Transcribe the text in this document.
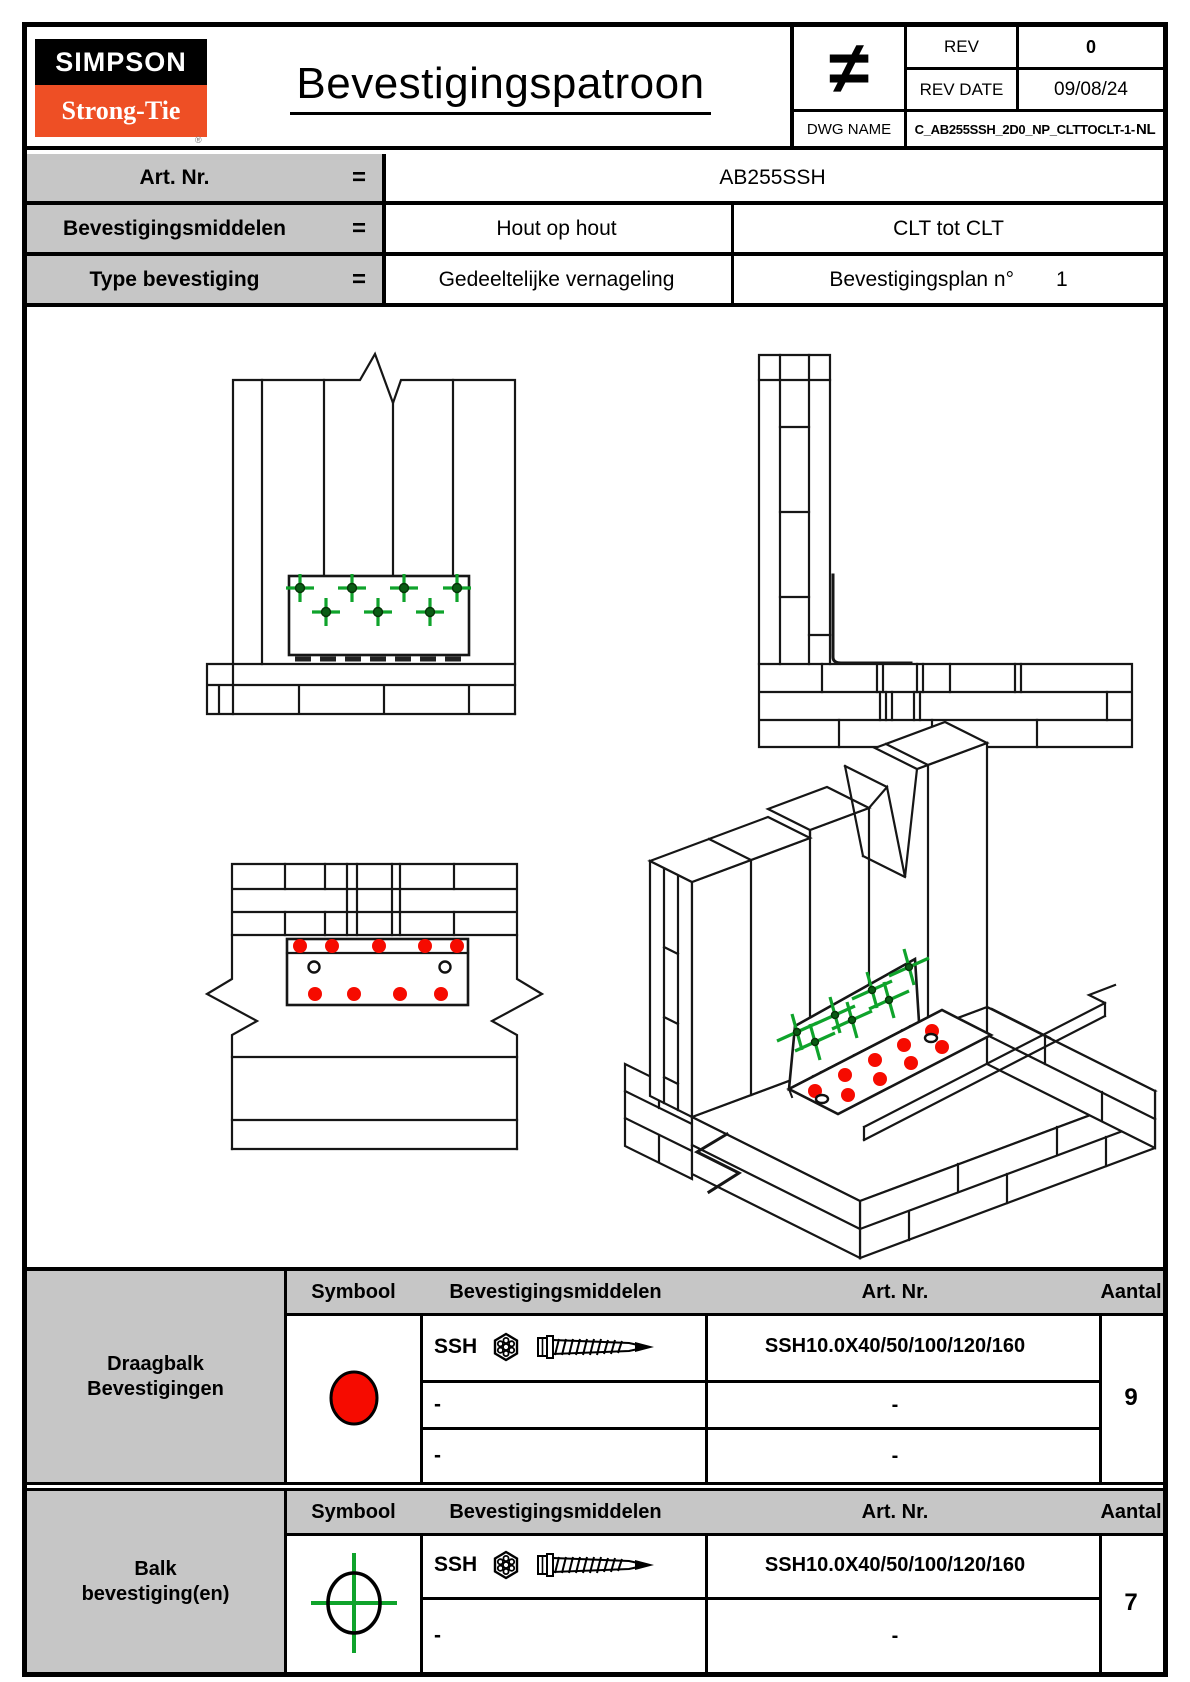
SIMPSON
Strong-Tie
®
Bevestigingspatroon	≠	REV	0
REV DATE	09/08/24
DWG NAME	C_AB255SSH_2D0_NP_CLTTOCLT-1- NL
Art. Nr.	=	AB255SSH
Bevestigingsmiddelen	=	Hout op hout	CLT tot CLT
Type bevestiging	=	Gedeeltelijke vernageling	Bevestigingsplan n° 1
Draagbalk
Bevestigingen
Symbool	Bevestigingsmiddelen	Art. Nr.	Aantal
SSH	SSH10.0X40/50/100/120/160
-	-
-	-
9
Balk
bevestiging(en)
Symbool	Bevestigingsmiddelen	Art. Nr.	Aantal
SSH	SSH10.0X40/50/100/120/160
-	-
7
